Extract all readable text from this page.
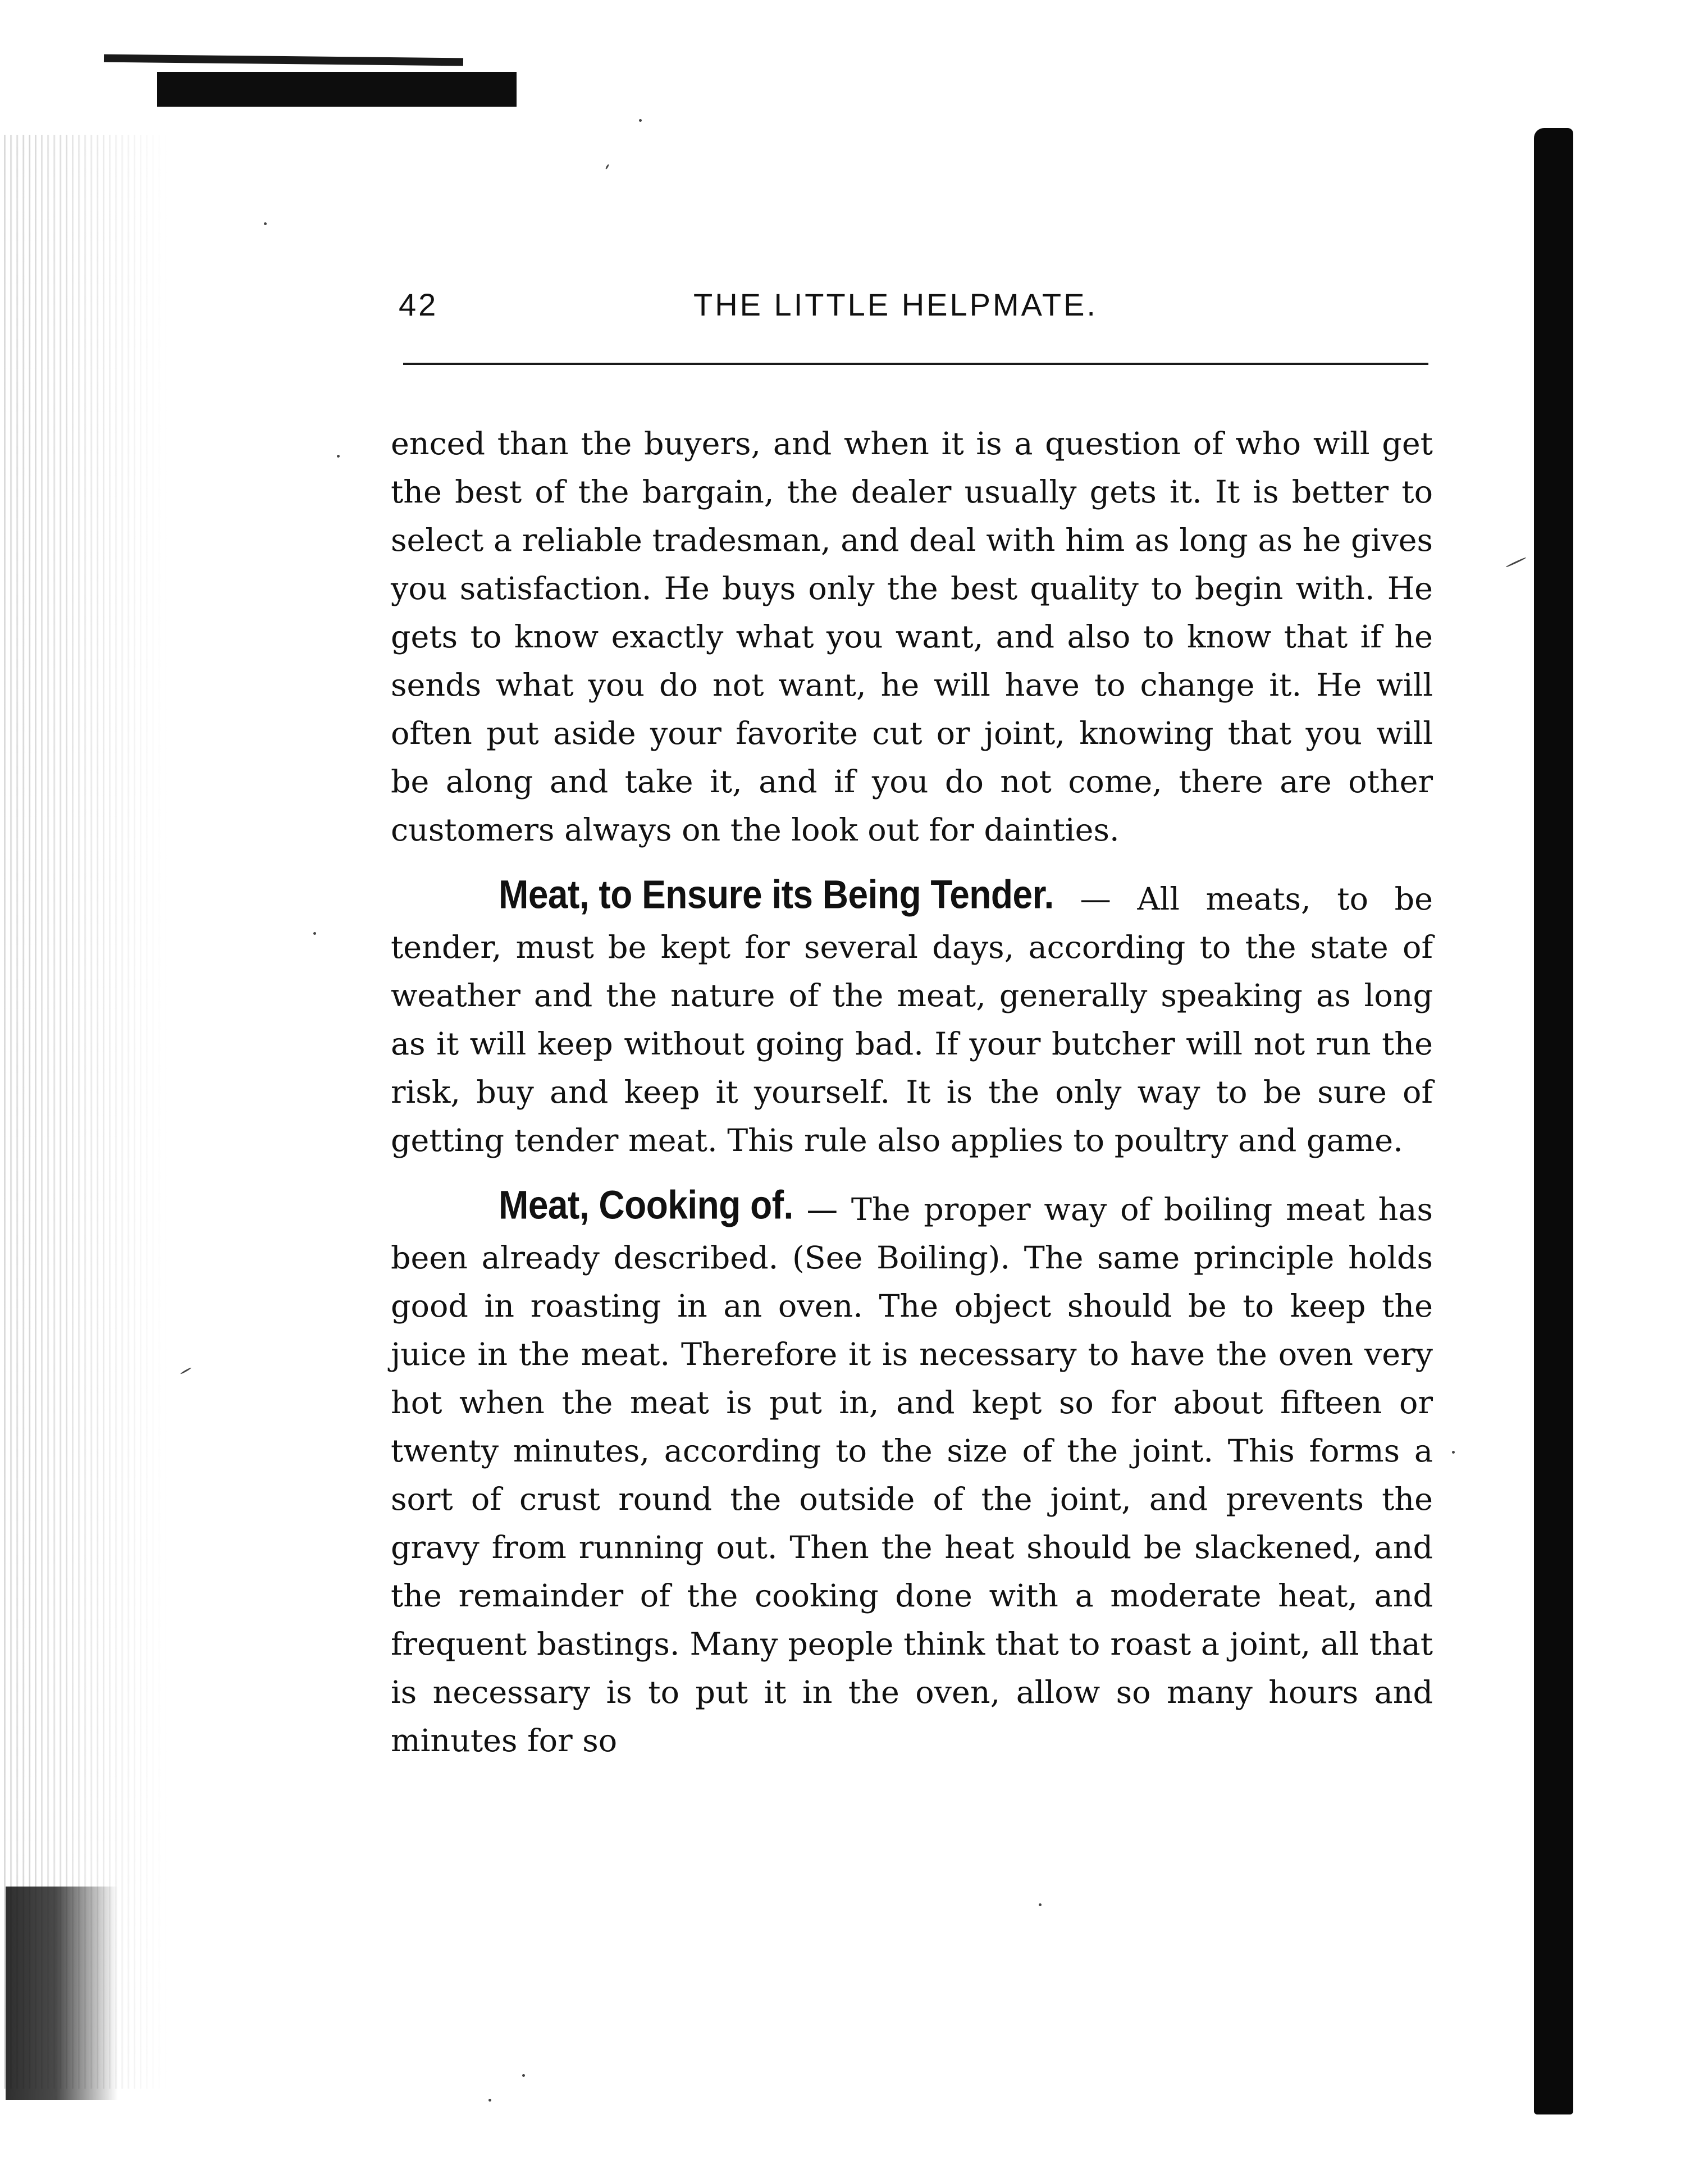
42	THE LITTLE HELPMATE.

enced than the buyers, and when it is a question of who will get the best of the bargain, the dealer usually gets it. It is better to select a reliable tradesman, and deal with him as long as he gives you satisfaction. He buys only the best quality to begin with. He gets to know exactly what you want, and also to know that if he sends what you do not want, he will have to change it. He will often put aside your favorite cut or joint, knowing that you will be along and take it, and if you do not come, there are other customers always on the look out for dainties.

Meat, to Ensure its Being Tender. — All meats, to be tender, must be kept for several days, according to the state of weather and the nature of the meat, generally speaking as long as it will keep without going bad. If your butcher will not run the risk, buy and keep it yourself. It is the only way to be sure of getting tender meat. This rule also applies to poultry and game.

Meat, Cooking of. — The proper way of boiling meat has been already described. (See Boiling). The same principle holds good in roasting in an oven. The object should be to keep the juice in the meat. Therefore it is necessary to have the oven very hot when the meat is put in, and kept so for about fifteen or twenty minutes, according to the size of the joint. This forms a sort of crust round the outside of the joint, and prevents the gravy from running out. Then the heat should be slackened, and the remainder of the cooking done with a moderate heat, and frequent bastings. Many people think that to roast a joint, all that is necessary is to put it in the oven, allow so many hours and minutes for so
